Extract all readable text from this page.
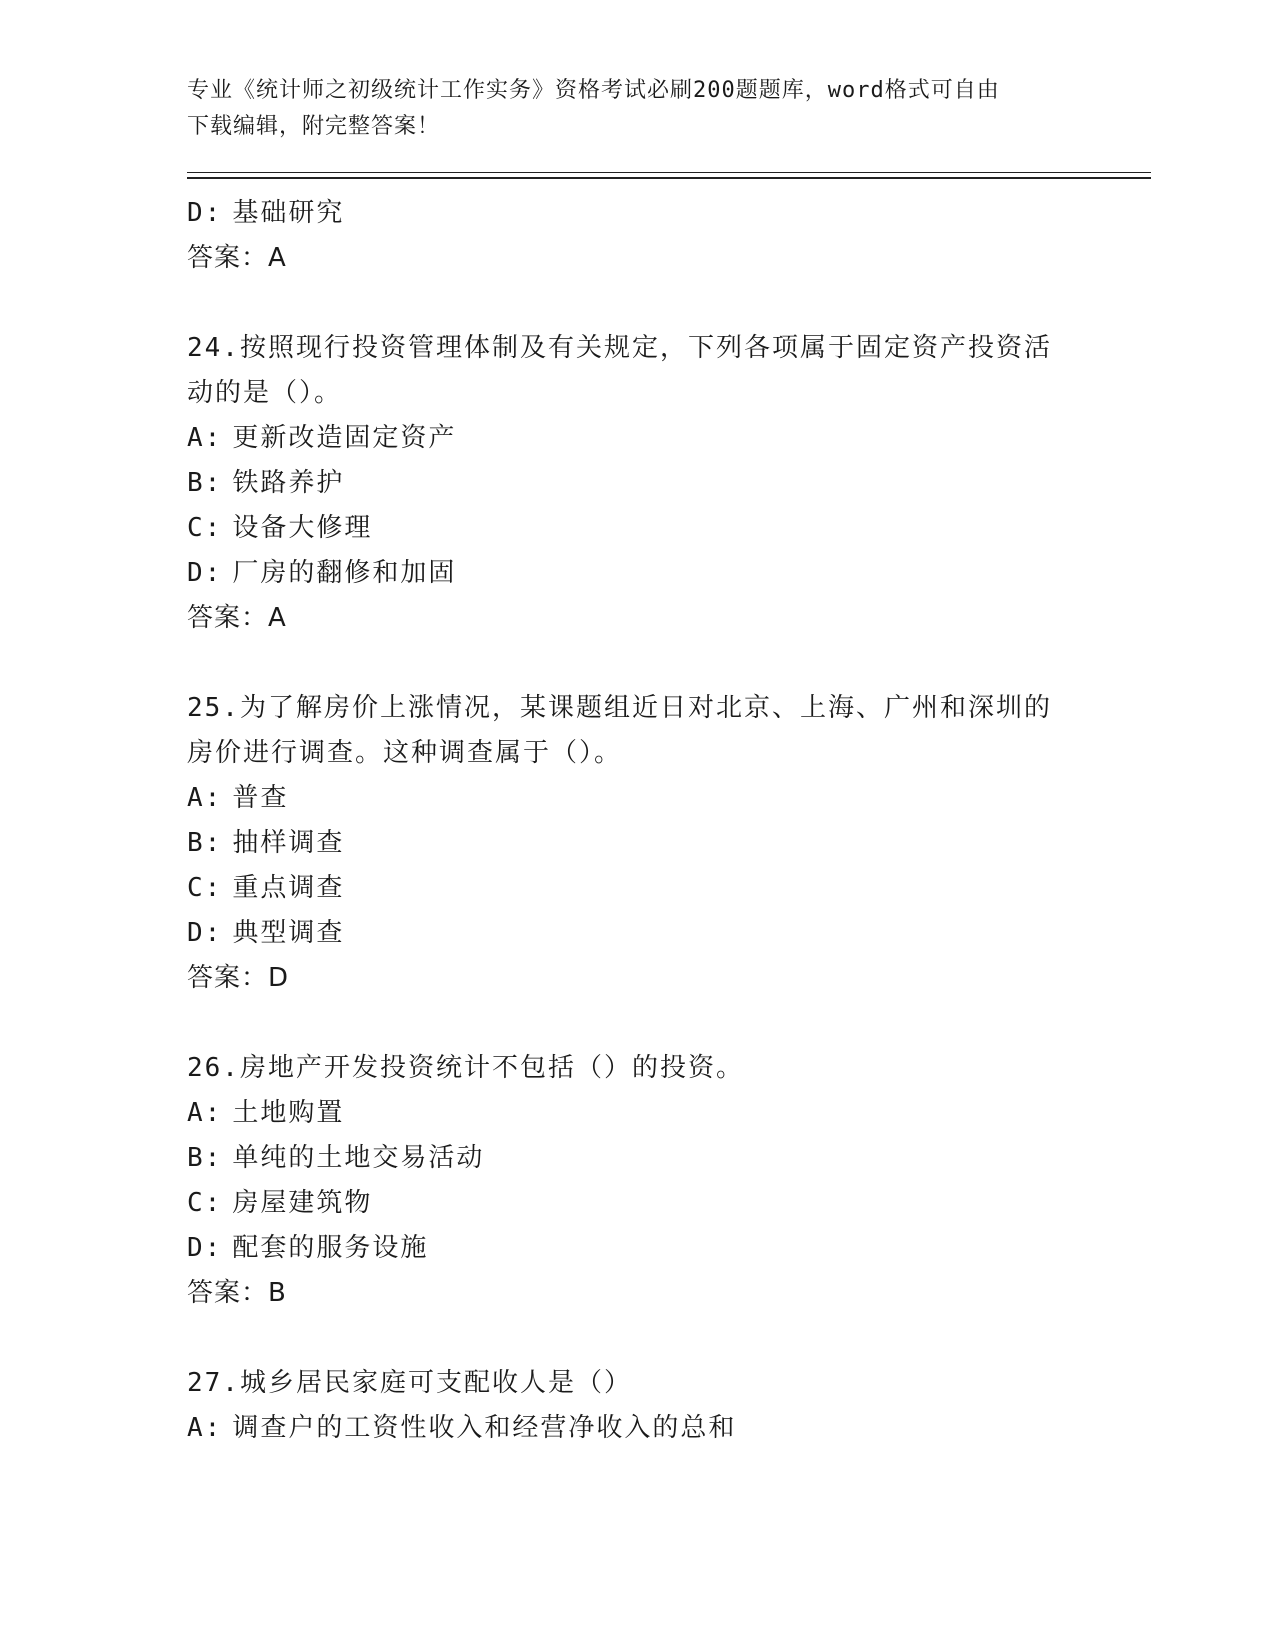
专业《统计师之初级统计工作实务》资格考试必刷200题题库，word格式可自由
下载编辑，附完整答案！
D: 基础研究
答案：A
24.按照现行投资管理体制及有关规定，下列各项属于固定资产投资活
动的是（）。
A: 更新改造固定资产
B: 铁路养护
C: 设备大修理
D: 厂房的翻修和加固
答案：A
25.为了解房价上涨情况，某课题组近日对北京、上海、广州和深圳的
房价进行调查。这种调查属于（）。
A: 普查
B: 抽样调查
C: 重点调查
D: 典型调查
答案：D
26.房地产开发投资统计不包括（）的投资。
A: 土地购置
B: 单纯的土地交易活动
C: 房屋建筑物
D: 配套的服务设施
答案：B
27.城乡居民家庭可支配收人是（）
A: 调查户的工资性收入和经营净收入的总和
